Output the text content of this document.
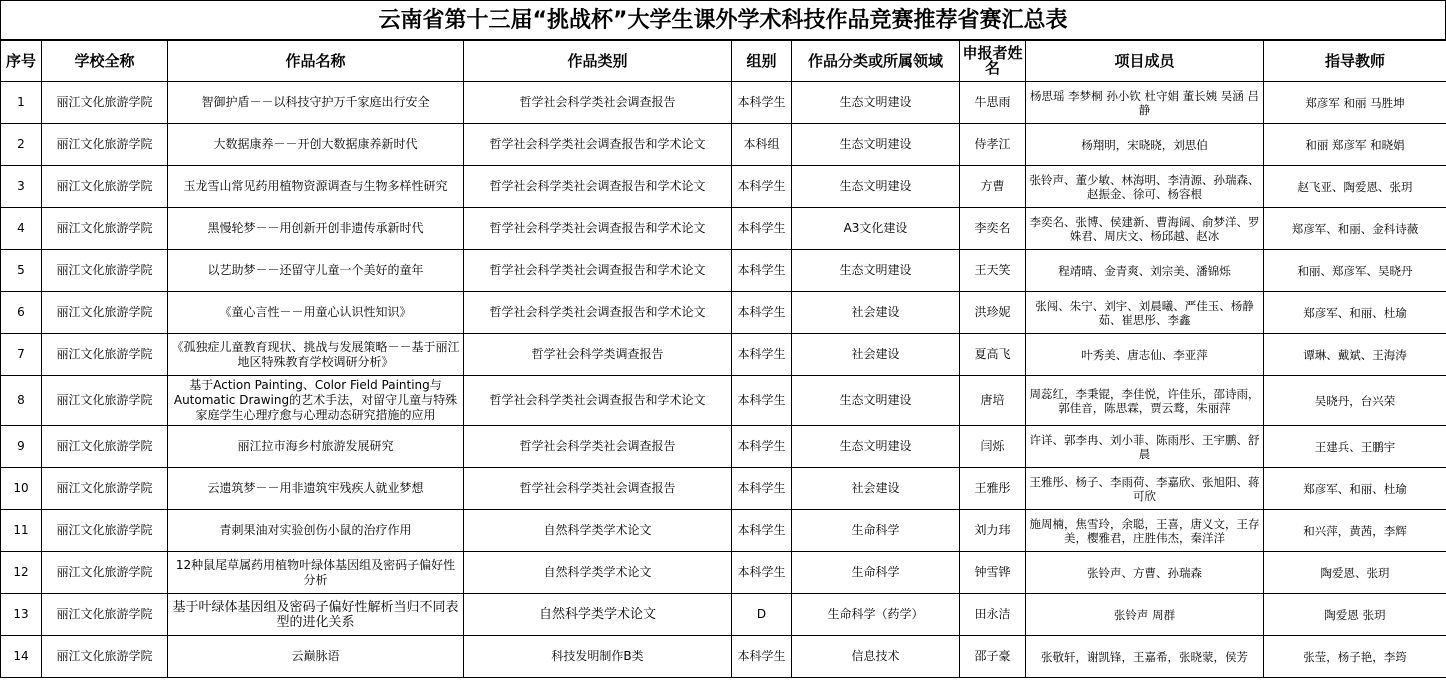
云南省第十三届“挑战杯”大学生课外学术科技作品竞赛推荐省赛汇总表
序号	学校全称	作品名称	作品类别	组别	作品分类或所属领域	申报者姓名	项目成员	指导教师
1	丽江文化旅游学院	智御护盾－－以科技守护万千家庭出行安全	哲学社会科学类社会调查报告	本科学生	生态文明建设	牛思雨	杨思瑶 李梦桐 孙小钦 杜守娟 董长姨 吴涵 吕静	郑彦军 和丽 马胜坤
2	丽江文化旅游学院	大数据康养－－开创大数据康养新时代	哲学社会科学类社会调查报告和学术论文	本科组	生态文明建设	侍孝江	杨翔明，宋晓晓，刘思伯	和丽 郑彦军 和晓娟
3	丽江文化旅游学院	玉龙雪山常见药用植物资源调查与生物多样性研究	哲学社会科学类社会调查报告和学术论文	本科学生	生态文明建设	方曹	张铃声、董少敏、林海明、李清源、孙瑞森、赵振金、徐可、杨容根	赵飞亚、陶爱恩、张玥
4	丽江文化旅游学院	黑慢轮梦－－用创新开创非遗传承新时代	哲学社会科学类社会调查报告和学术论文	本科学生	A3文化建设	李奕名	李奕名、张博、侯建新、曹海阔、俞梦洋、罗姝君、周庆文、杨邱越、赵冰	郑彦军、和丽、金科诗薇
5	丽江文化旅游学院	以艺助梦－－还留守儿童一个美好的童年	哲学社会科学类社会调查报告和学术论文	本科学生	生态文明建设	王天笑	程靖晴、金青爽、刘宗美、潘锦烁	和丽、郑彦军、吴晓丹
6	丽江文化旅游学院	《童心言性－－用童心认识性知识》	哲学社会科学类社会调查报告和学术论文	本科学生	社会建设	洪珍妮	张闯、朱宁、刘宇、刘晨曦、严佳玉、杨静茹、崔思彤、李鑫	郑彦军、和丽、杜瑜
7	丽江文化旅游学院	《孤独症儿童教育现状、挑战与发展策略－－基于丽江地区特殊教育学校调研分析》	哲学社会科学类调查报告	本科学生	社会建设	夏高飞	叶秀美、唐志仙、李亚萍	谭琳、戴斌、王海涛
8	丽江文化旅游学院	基于Action Painting、Color Field Painting与Automatic Drawing的艺术手法，对留守儿童与特殊家庭学生心理疗愈与心理动态研究措施的应用	哲学社会科学类社会调查报告和学术论文	本科学生	生态文明建设	唐培	周蕊红，李秉锟，李佳悦，许佳乐，邵诗雨，郭佳音，陈思霖，贾云鹜，朱丽萍	吴晓丹，台兴荣
9	丽江文化旅游学院	丽江拉市海乡村旅游发展研究	哲学社会科学类社会调查报告	本科学生	生态文明建设	闫烁	许详、郭李冉、刘小菲、陈雨彤、王宇鹏、舒晨	王建兵、王鹏宇
10	丽江文化旅游学院	云遗筑梦－－用非遗筑牢残疾人就业梦想	哲学社会科学类社会调查报告	本科学生	社会建设	王雅彤	王雅彤、杨子、李雨荷、李嘉欣、张旭阳、蒋可欣	郑彦军、和丽、杜瑜
11	丽江文化旅游学院	青刺果油对实验创伤小鼠的治疗作用	自然科学类学术论文	本科学生	生命科学	刘力玮	施周楠，焦雪玲，余聪，王喜，唐义文，王存美，樱雅君，庄胜伟杰，秦洋洋	和兴萍，黄茜，李辉
12	丽江文化旅游学院	12种鼠尾草属药用植物叶绿体基因组及密码子偏好性分析	自然科学类学术论文	本科学生	生命科学	钟雪铧	张铃声、方曹、孙瑞森	陶爱恩、张玥
13	丽江文化旅游学院	基于叶绿体基因组及密码子偏好性解析当归不同表型的进化关系	自然科学类学术论文	D	生命科学（药学）	田永洁	张铃声 周群	陶爱恩 张玥
14	丽江文化旅游学院	云巅脉语	科技发明制作B类	本科学生	信息技术	邵子豪	张敬轩，谢凯锋，王嘉希，张晓蒙，侯芳	张莹，杨子艳，李筠
